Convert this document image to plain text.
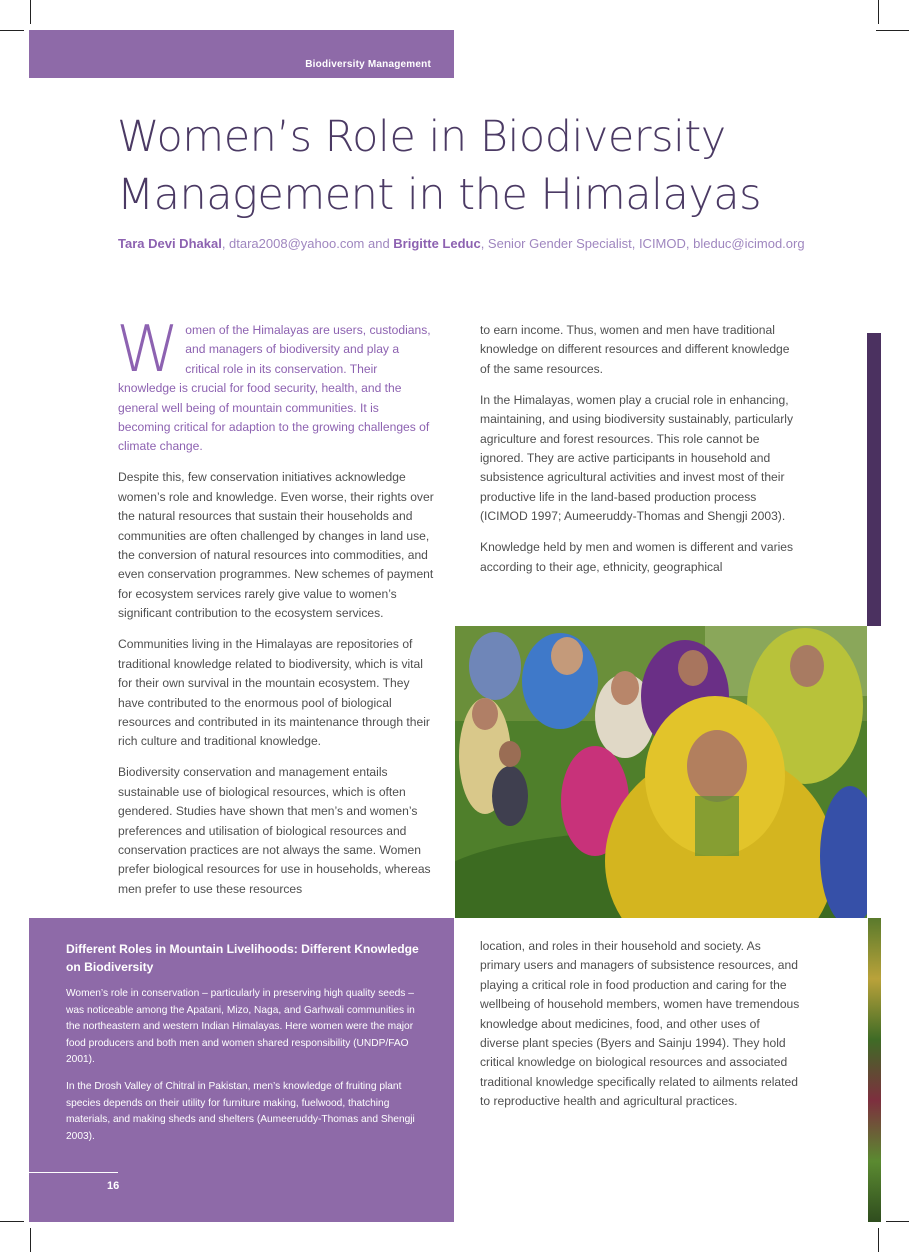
Biodiversity Management
Women’s Role in Biodiversity
Management in the Himalayas
Tara Devi Dhakal, dtara2008@yahoo.com and Brigitte Leduc, Senior Gender Specialist, ICIMOD, bleduc@icimod.org

Women of the Himalayas are users, custodians, and managers of biodiversity and play a critical role in its conservation. Their knowledge is crucial for food security, health, and the general well being of mountain communities. It is becoming critical for adaption to the growing challenges of climate change.

Despite this, few conservation initiatives acknowledge women’s role and knowledge. Even worse, their rights over the natural resources that sustain their households and communities are often challenged by changes in land use, the conversion of natural resources into commodities, and even conservation programmes. New schemes of payment for ecosystem services rarely give value to women’s significant contribution to the ecosystem services.

Communities living in the Himalayas are repositories of traditional knowledge related to biodiversity, which is vital for their own survival in the mountain ecosystem. They have contributed to the enormous pool of biological resources and contributed in its maintenance through their rich culture and traditional knowledge.

Biodiversity conservation and management entails sustainable use of biological resources, which is often gendered. Studies have shown that men’s and women’s preferences and utilisation of biological resources and conservation practices are not always the same. Women prefer biological resources for use in households, whereas men prefer to use these resources

to earn income. Thus, women and men have traditional knowledge on different resources and different knowledge of the same resources.

In the Himalayas, women play a crucial role in enhancing, maintaining, and using biodiversity sustainably, particularly agriculture and forest resources. This role cannot be ignored. They are active participants in household and subsistence agricultural activities and invest most of their productive life in the land-based production process (ICIMOD 1997; Aumeeruddy-Thomas and Shengji 2003).

Knowledge held by men and women is different and varies according to their age, ethnicity, geographical

Different Roles in Mountain Livelihoods: Different Knowledge on Biodiversity

Women’s role in conservation – particularly in preserving high quality seeds – was noticeable among the Apatani, Mizo, Naga, and Garhwali communities in the northeastern and western Indian Himalayas. Here women were the major food producers and both men and women shared responsibility (UNDP/FAO 2001).

In the Drosh Valley of Chitral in Pakistan, men’s knowledge of fruiting plant species depends on their utility for furniture making, fuelwood, thatching materials, and making sheds and shelters (Aumeeruddy-Thomas and Shengji 2003).

16

location, and roles in their household and society. As primary users and managers of subsistence resources, and playing a critical role in food production and caring for the wellbeing of household members, women have tremendous knowledge about medicines, food, and other uses of diverse plant species (Byers and Sainju 1994). They hold critical knowledge on biological resources and associated traditional knowledge specifically related to ailments related to reproductive health and agricultural practices.
